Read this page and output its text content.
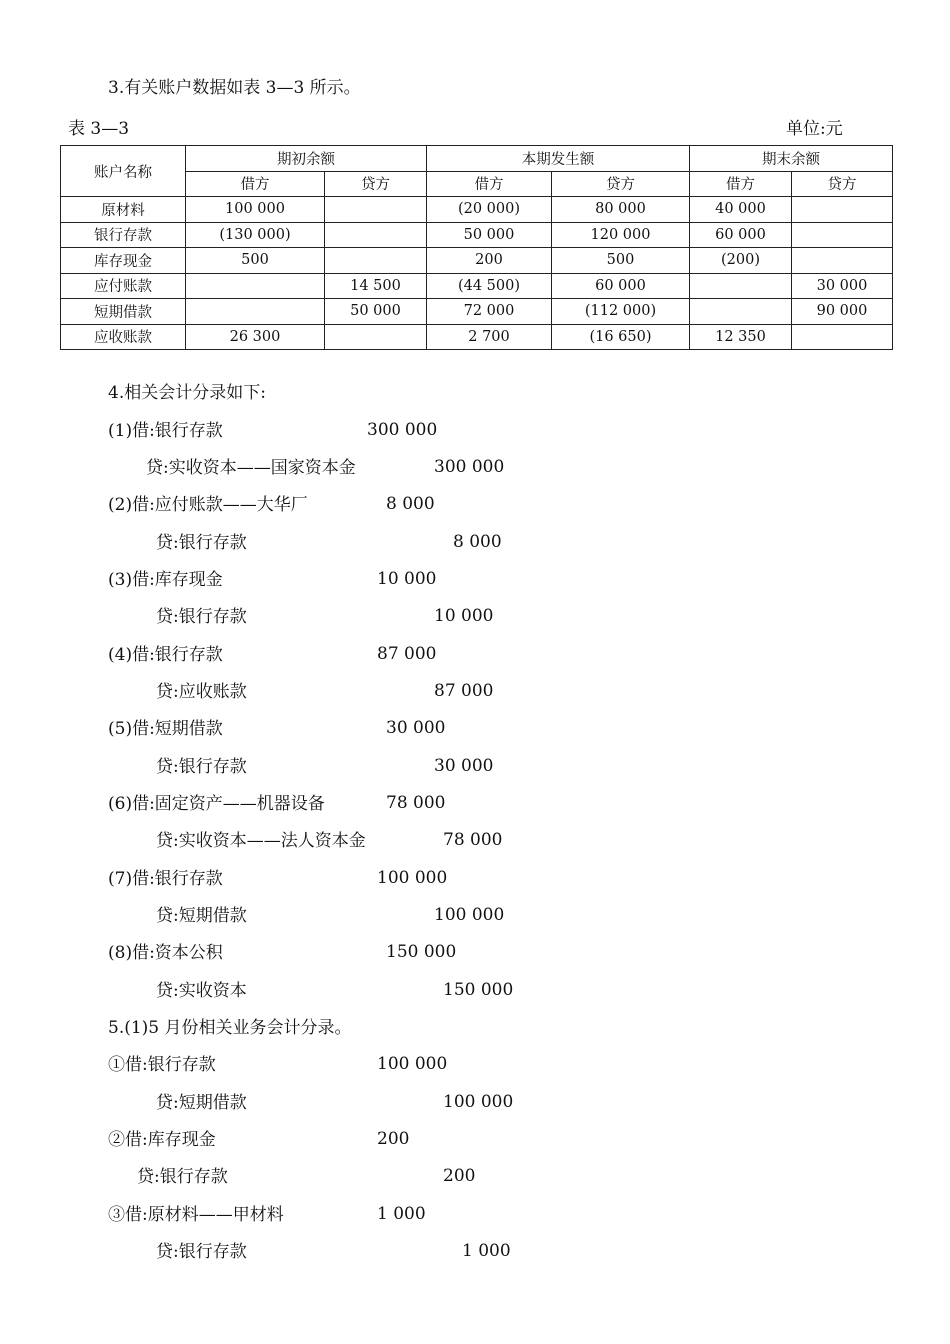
3.有关账户数据如表 3—3 所示。
表 3—3	单位:元
账户名称	期初余额		本期发生额		期末余额	
	借方	贷方	借方	贷方	借方	贷方
原材料	100 000		(20 000)	80 000	40 000	
银行存款	(130 000)		50 000	120 000	60 000	
库存现金	500		200	500	(200)	
应付账款		14 500	(44 500)	60 000		30 000
短期借款		50 000	72 000	(112 000)		90 000
应收账款	26 300		2 700	(16 650)	12 350	
4.相关会计分录如下:
(1)借:银行存款	300 000
贷:实收资本——国家资本金	300 000
(2)借:应付账款——大华厂	8 000
贷:银行存款	8 000
(3)借:库存现金	10 000
贷:银行存款	10 000
(4)借:银行存款	87 000
贷:应收账款	87 000
(5)借:短期借款	30 000
贷:银行存款	30 000
(6)借:固定资产——机器设备	78 000
贷:实收资本——法人资本金	78 000
(7)借:银行存款	100 000
贷:短期借款	100 000
(8)借:资本公积	150 000
贷:实收资本	150 000
5.(1)5 月份相关业务会计分录。
①借:银行存款	100 000
贷:短期借款	100 000
②借:库存现金	200
贷:银行存款	200
③借:原材料——甲材料	1 000
贷:银行存款	1 000
